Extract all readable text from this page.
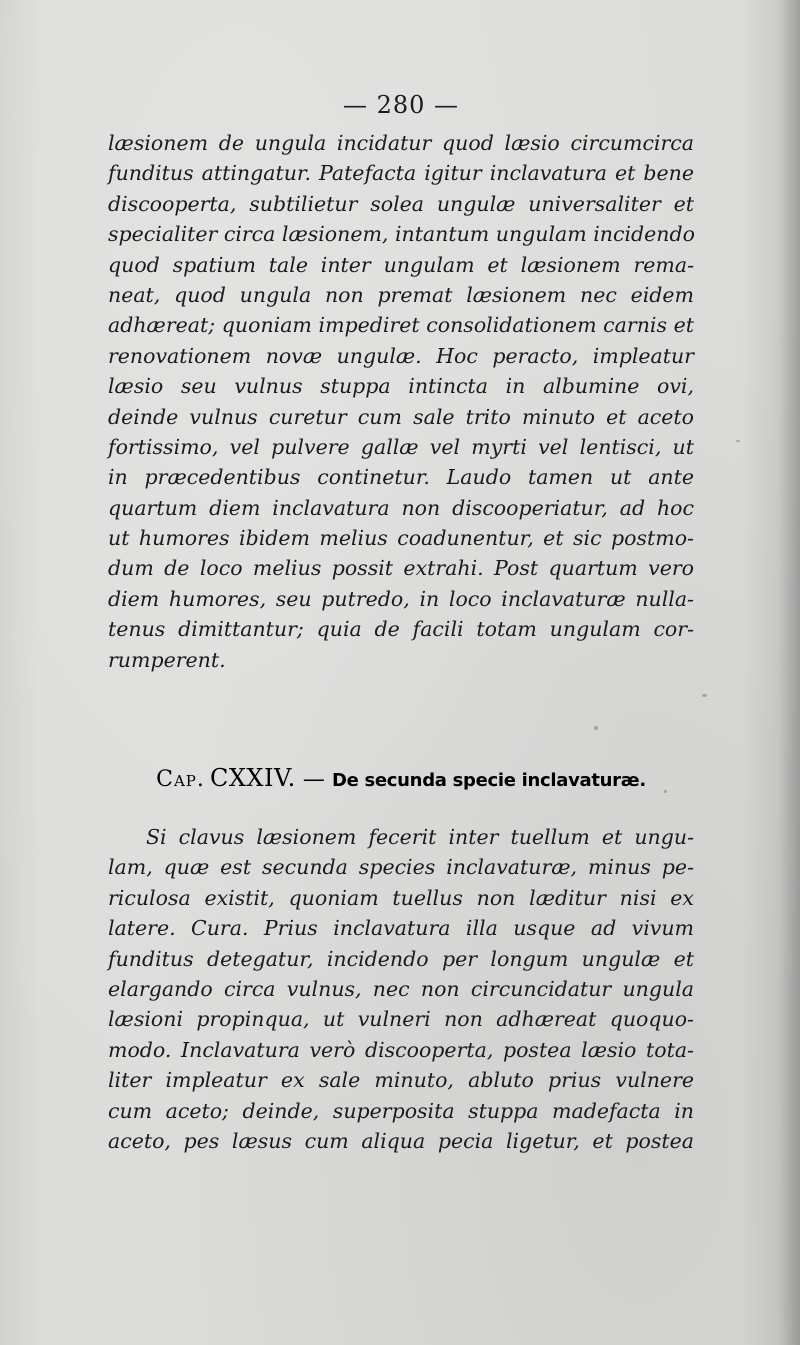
— 280 —
læsionem de ungula incidatur quod læsio circumcirca
funditus attingatur. Patefacta igitur inclavatura et bene
discooperta, subtilietur solea ungulæ universaliter et
specialiter circa læsionem, intantum ungulam incidendo
quod spatium tale inter ungulam et læsionem rema-
neat, quod ungula non premat læsionem nec eidem
adhæreat; quoniam impediret consolidationem carnis et
renovationem novæ ungulæ. Hoc peracto, impleatur
læsio seu vulnus stuppa intincta in albumine ovi,
deinde vulnus curetur cum sale trito minuto et aceto
fortissimo, vel pulvere gallæ vel myrti vel lentisci, ut
in præcedentibus continetur. Laudo tamen ut ante
quartum diem inclavatura non discooperiatur, ad hoc
ut humores ibidem melius coadunentur, et sic postmo-
dum de loco melius possit extrahi. Post quartum vero
diem humores, seu putredo, in loco inclavaturæ nulla-
tenus dimittantur; quia de facili totam ungulam cor-
rumperent.
Cap. CXXIV. — De secunda specie inclavaturæ.
Si clavus læsionem fecerit inter tuellum et ungu-
lam, quæ est secunda species inclavaturæ, minus pe-
riculosa existit, quoniam tuellus non læditur nisi ex
latere. Cura. Prius inclavatura illa usque ad vivum
funditus detegatur, incidendo per longum ungulæ et
elargando circa vulnus, nec non circuncidatur ungula
læsioni propinqua, ut vulneri non adhæreat quoquo-
modo. Inclavatura verò discooperta, postea læsio tota-
liter impleatur ex sale minuto, abluto prius vulnere
cum aceto; deinde, superposita stuppa madefacta in
aceto, pes læsus cum aliqua pecia ligetur, et postea
